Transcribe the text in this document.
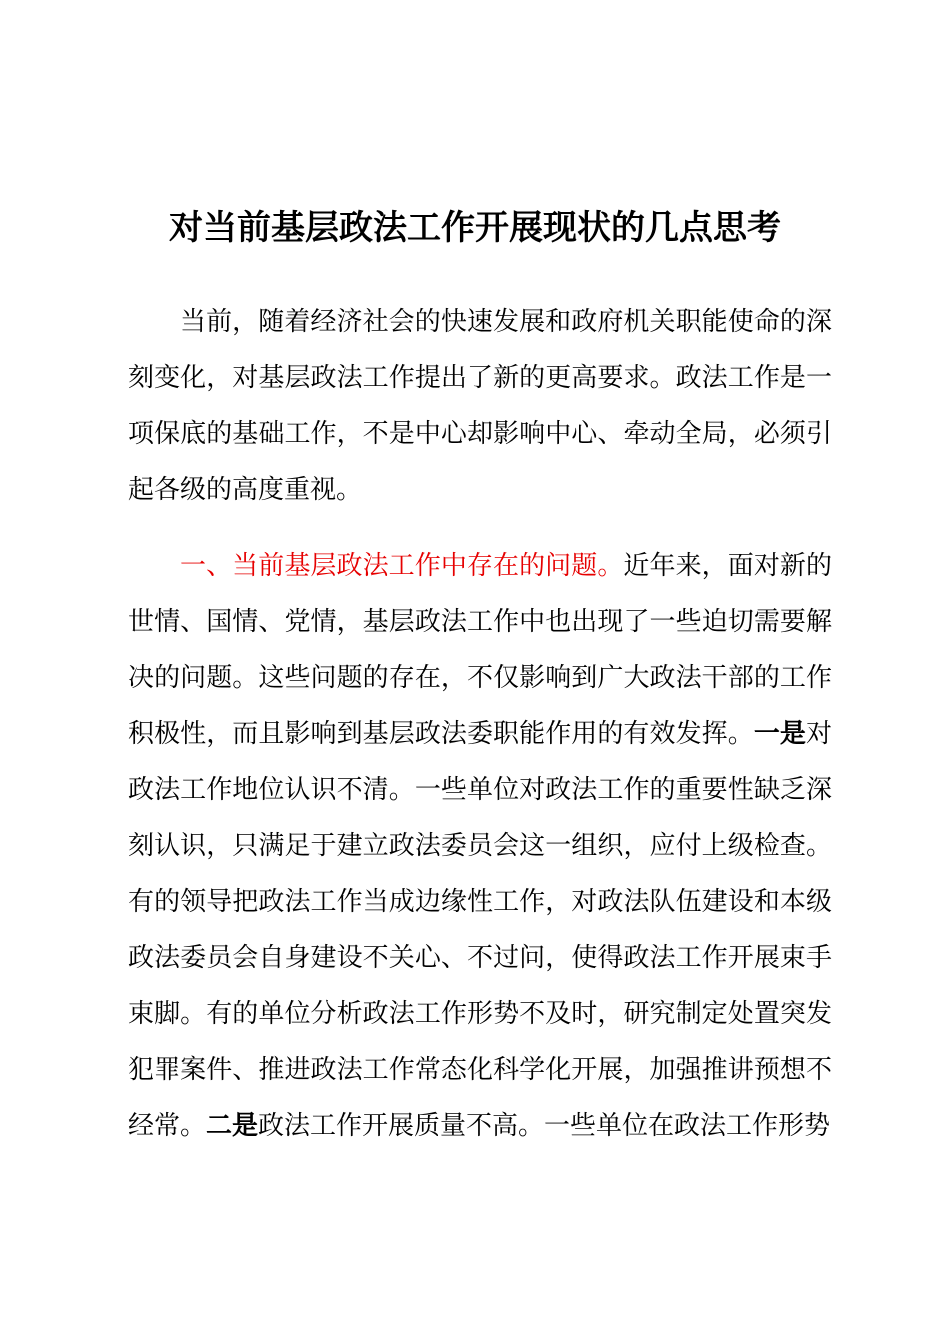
对当前基层政法工作开展现状的几点思考

当前，随着经济社会的快速发展和政府机关职能使命的深刻变化，对基层政法工作提出了新的更高要求。政法工作是一项保底的基础工作，不是中心却影响中心、牵动全局，必须引起各级的高度重视。

一、当前基层政法工作中存在的问题。近年来，面对新的世情、国情、党情，基层政法工作中也出现了一些迫切需要解决的问题。这些问题的存在，不仅影响到广大政法干部的工作积极性，而且影响到基层政法委职能作用的有效发挥。一是对政法工作地位认识不清。一些单位对政法工作的重要性缺乏深刻认识，只满足于建立政法委员会这一组织，应付上级检查。有的领导把政法工作当成边缘性工作，对政法队伍建设和本级政法委员会自身建设不关心、不过问，使得政法工作开展束手束脚。有的单位分析政法工作形势不及时，研究制定处置突发犯罪案件、推进政法工作常态化科学化开展，加强推讲预想不经常。二是政法工作开展质量不高。一些单位在政法工作形势
